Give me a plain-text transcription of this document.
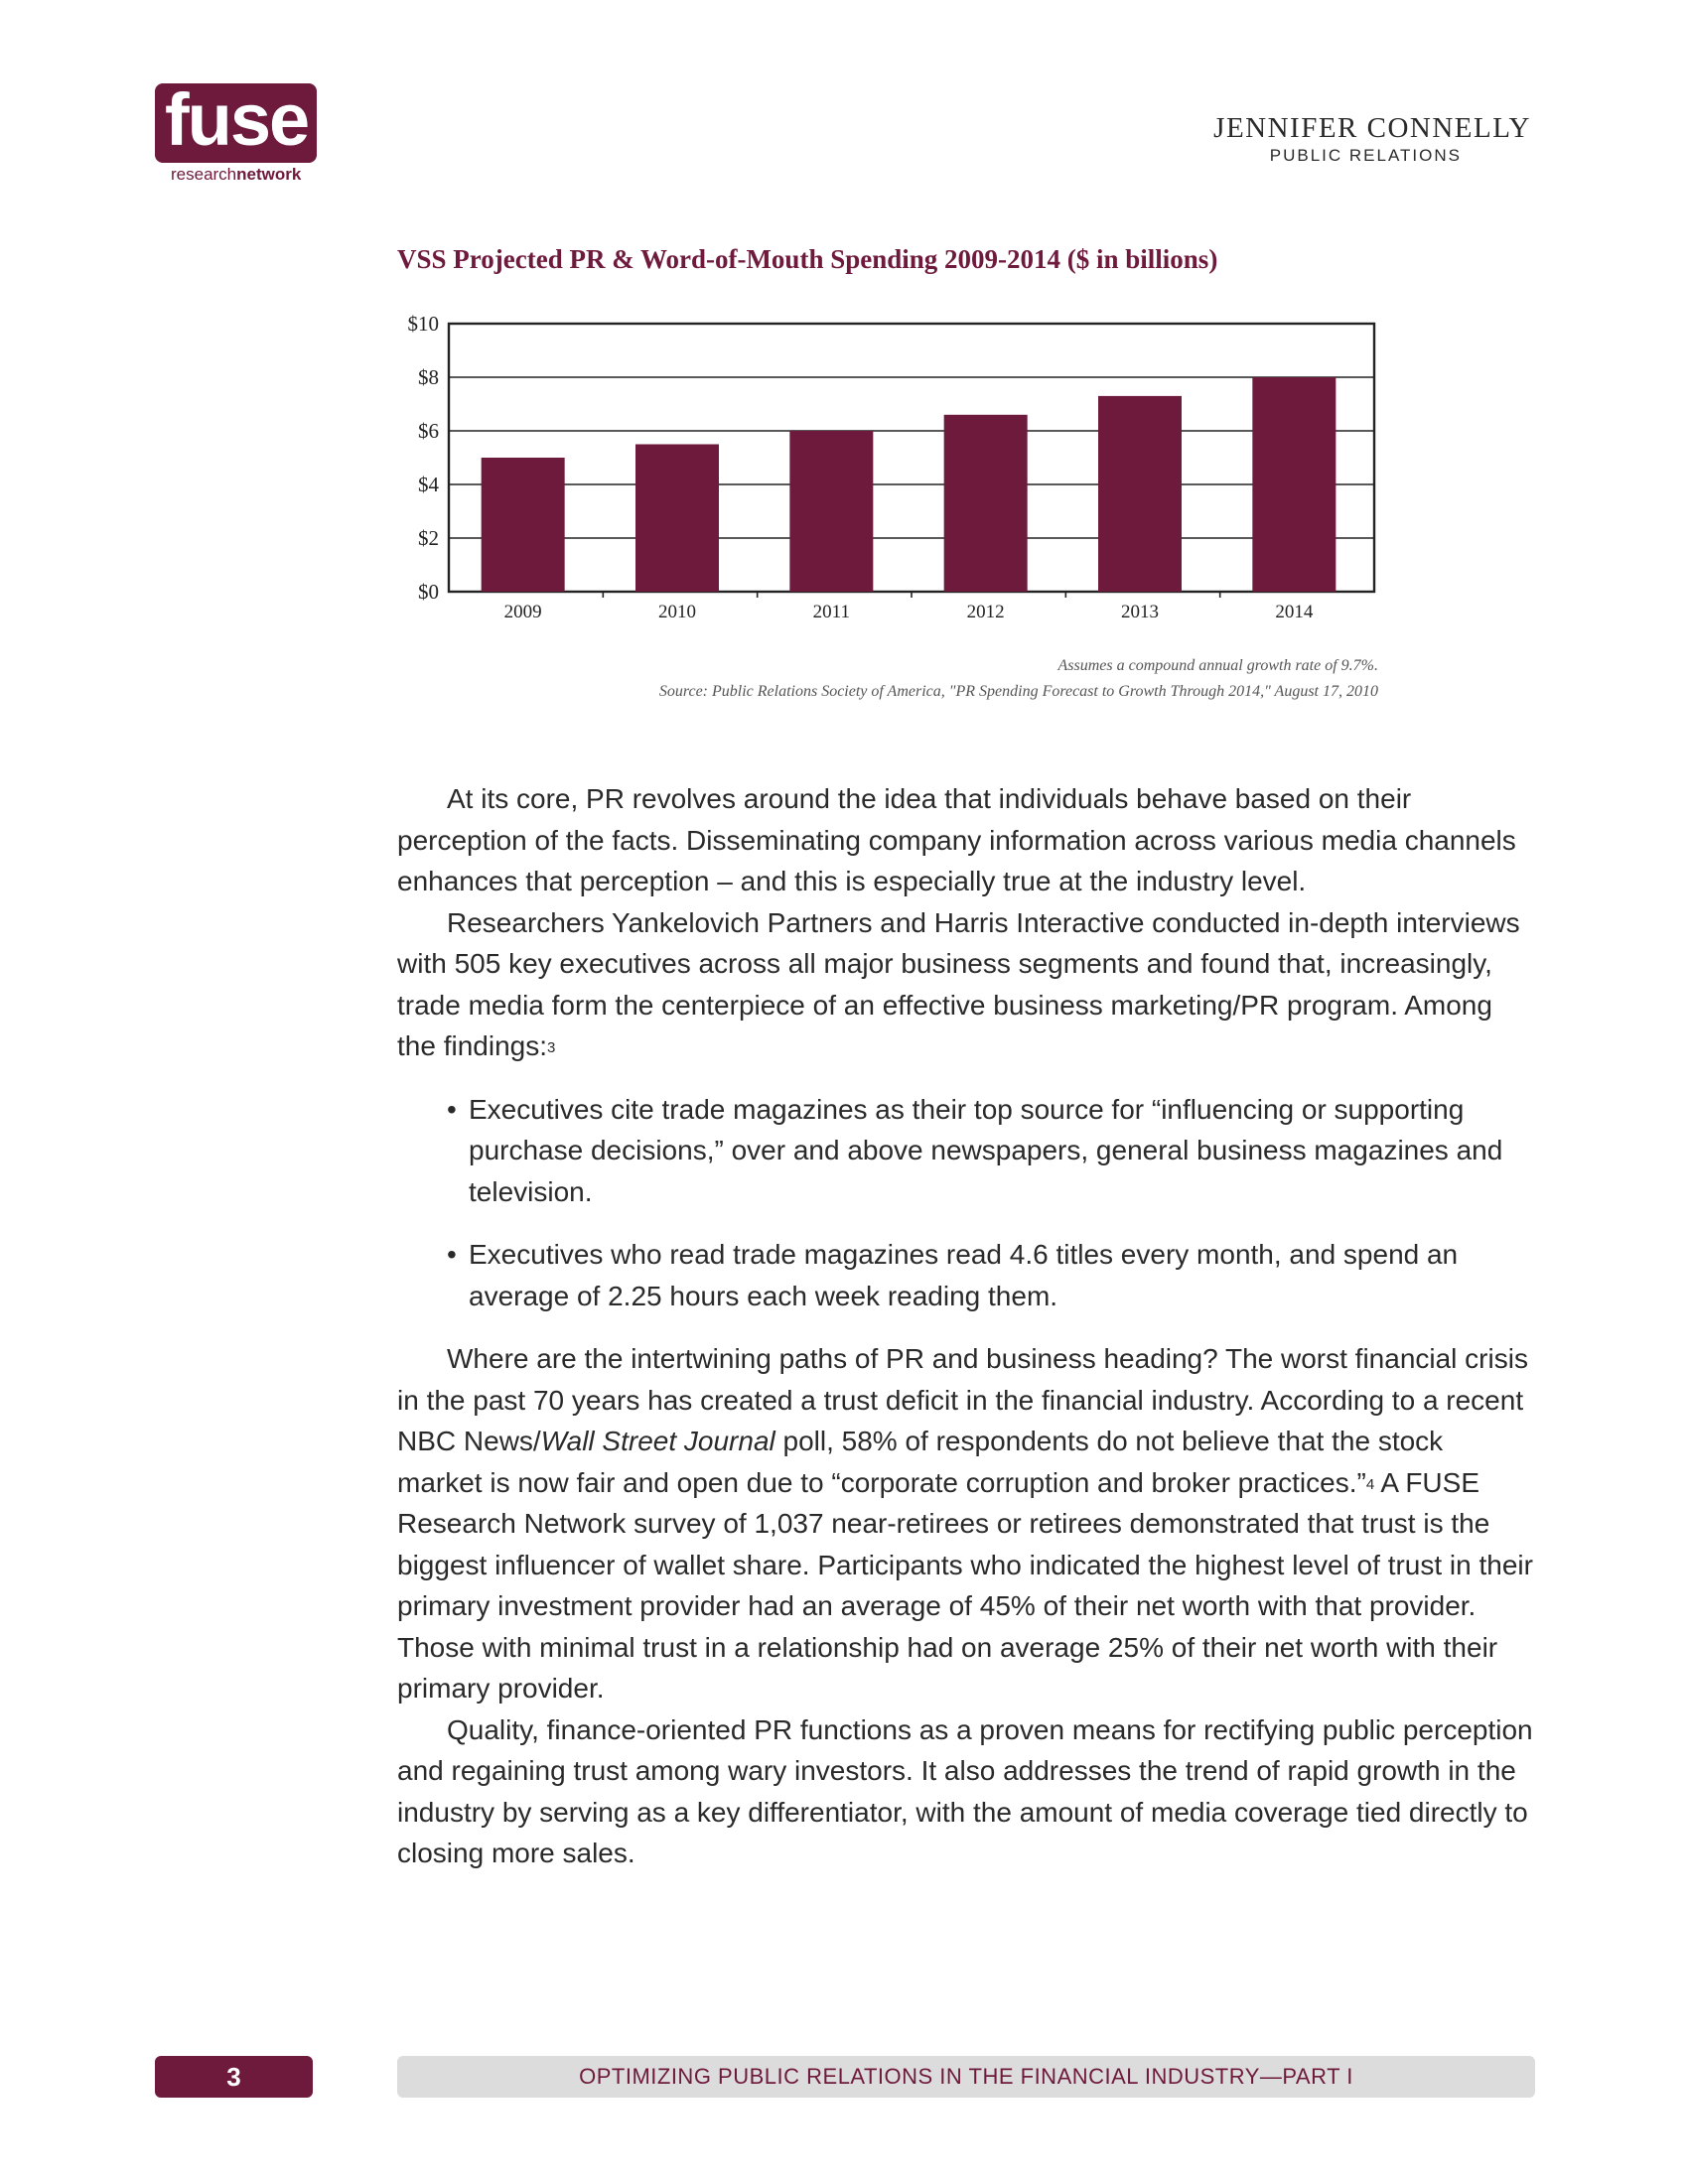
fuse
researchnetwork
JENNIFER CONNELLY
PUBLIC RELATIONS
VSS Projected PR & Word-of-Mouth Spending 2009-2014 ($ in billions)
$0
$2
$4
$6
$8
$10
2009	2010	2011	2012	2013	2014
Assumes a compound annual growth rate of 9.7%.
Source: Public Relations Society of America, "PR Spending Forecast to Growth Through 2014," August 17, 2010

At its core, PR revolves around the idea that individuals behave based on their perception of the facts. Disseminating company information across various media channels enhances that perception – and this is especially true at the industry level.

Researchers Yankelovich Partners and Harris Interactive conducted in-depth interviews with 505 key executives across all major business segments and found that, increasingly, trade media form the centerpiece of an effective business marketing/PR program. Among the findings:$^3$

• Executives cite trade magazines as their top source for “influencing or supporting purchase decisions,” over and above newspapers, general business magazines and television.
• Executives who read trade magazines read 4.6 titles every month, and spend an average of 2.25 hours each week reading them.

Where are the intertwining paths of PR and business heading? The worst financial crisis in the past 70 years has created a trust deficit in the financial industry. According to a recent NBC News/Wall Street Journal poll, 58% of respondents do not believe that the stock market is now fair and open due to “corporate corruption and broker practices.”$^4$ A FUSE Research Network survey of 1,037 near-retirees or retirees demonstrated that trust is the biggest influencer of wallet share. Participants who indicated the highest level of trust in their primary investment provider had an average of 45% of their net worth with that provider. Those with minimal trust in a relationship had on average 25% of their net worth with their primary provider.

Quality, finance-oriented PR functions as a proven means for rectifying public perception and regaining trust among wary investors. It also addresses the trend of rapid growth in the industry by serving as a key differentiator, with the amount of media coverage tied directly to closing more sales.

3	OPTIMIZING PUBLIC RELATIONS IN THE FINANCIAL INDUSTRY—PART I
